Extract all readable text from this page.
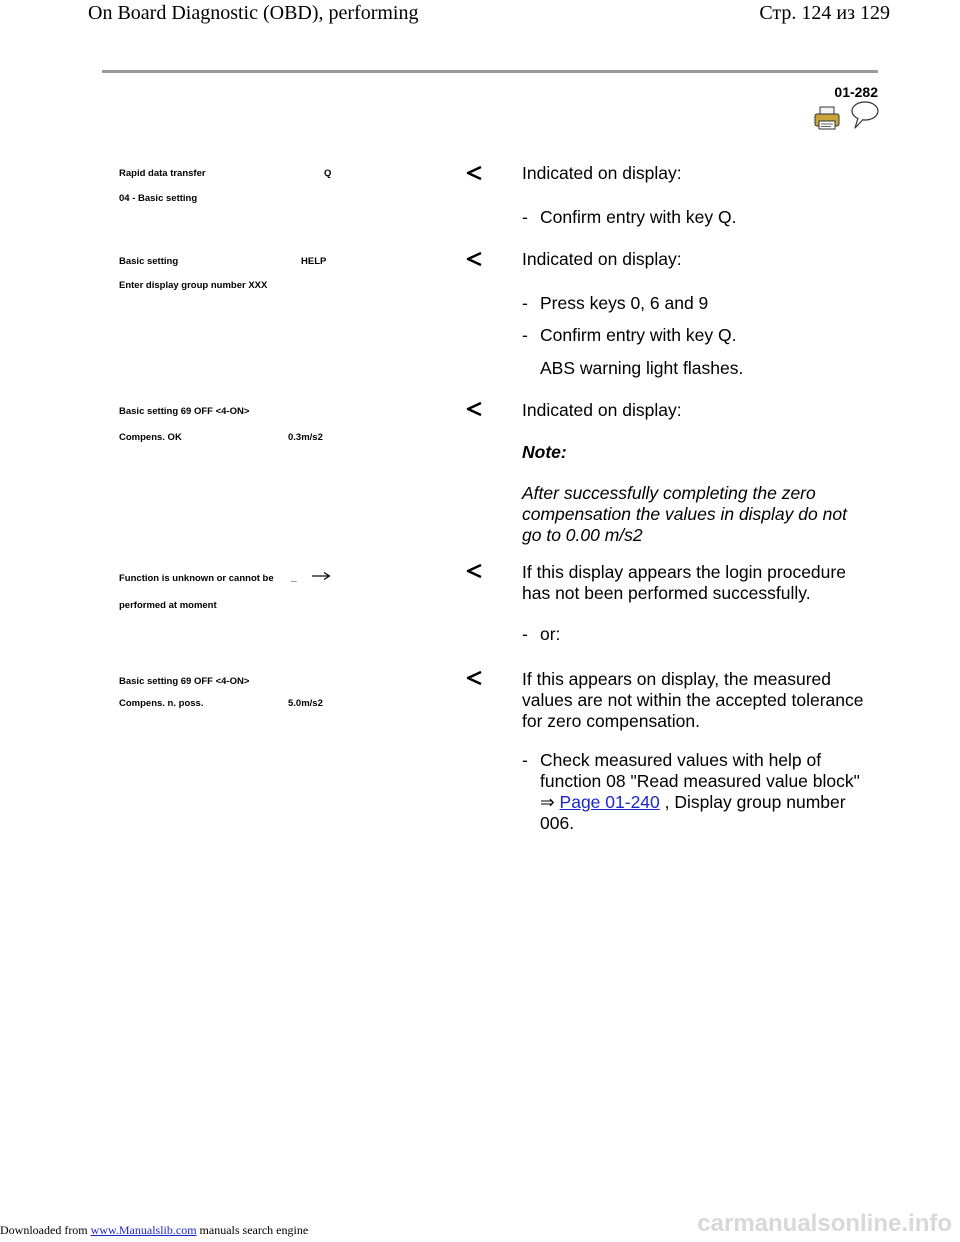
On Board Diagnostic (OBD), performing	Стр. 124 из 129
01-282
Rapid data transfer	Q
04 - Basic setting
Indicated on display:
- Confirm entry with key Q.
Basic setting	HELP
Enter display group number XXX
Indicated on display:
- Press keys 0, 6 and 9
- Confirm entry with key Q.
ABS warning light flashes.
Basic setting 69 OFF <4-ON>
Compens. OK	0.3m/s2
Indicated on display:
Note:
After successfully completing the zero compensation the values in display do not go to 0.00 m/s2
Function is unknown or cannot be _
performed at moment
If this display appears the login procedure has not been performed successfully.
- or:
Basic setting 69 OFF <4-ON>
Compens. n. poss.	5.0m/s2
If this appears on display, the measured values are not within the accepted tolerance for zero compensation.
- Check measured values with help of function 08 "Read measured value block" ⇒ Page 01-240 , Display group number 006.
Downloaded from www.Manualslib.com manuals search engine	carmanualsonline.info
